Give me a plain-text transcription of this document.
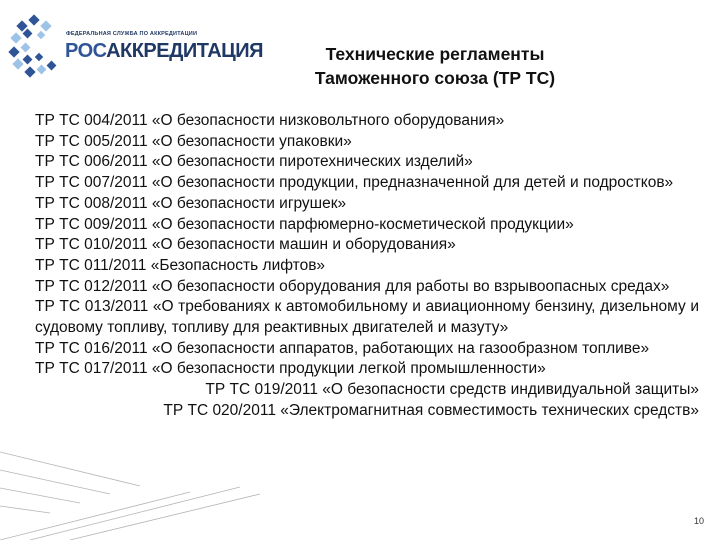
ФЕДЕРАЛЬНАЯ СЛУЖБА ПО АККРЕДИТАЦИИ
РОСАККРЕДИТАЦИЯ	Технические регламенты
Таможенного союза (ТР ТС)

ТР ТС 004/2011 «О безопасности низковольтного оборудования»

ТР ТС 005/2011 «О безопасности упаковки»

ТР ТС 006/2011 «О безопасности пиротехнических изделий»

ТР ТС 007/2011 «О безопасности продукции, предназначенной для детей и подростков»

ТР ТС 008/2011 «О безопасности игрушек»

ТР ТС 009/2011 «О безопасности парфюмерно-косметической продукции»

ТР ТС 010/2011 «О безопасности машин и оборудования»

ТР ТС 011/2011 «Безопасность лифтов»

ТР ТС 012/2011 «О безопасности оборудования для работы во взрывоопасных средах»

ТР ТС 013/2011 «О требованиях к автомобильному и авиационному бензину, дизельному и судовому топливу, топливу для реактивных двигателей и мазуту»

ТР ТС 016/2011 «О безопасности аппаратов, работающих на газообразном топливе»

ТР ТС 017/2011 «О безопасности продукции легкой промышленности»

ТР ТС 019/2011 «О безопасности средств индивидуальной защиты»

ТР ТС 020/2011 «Электромагнитная совместимость технических средств»

10
